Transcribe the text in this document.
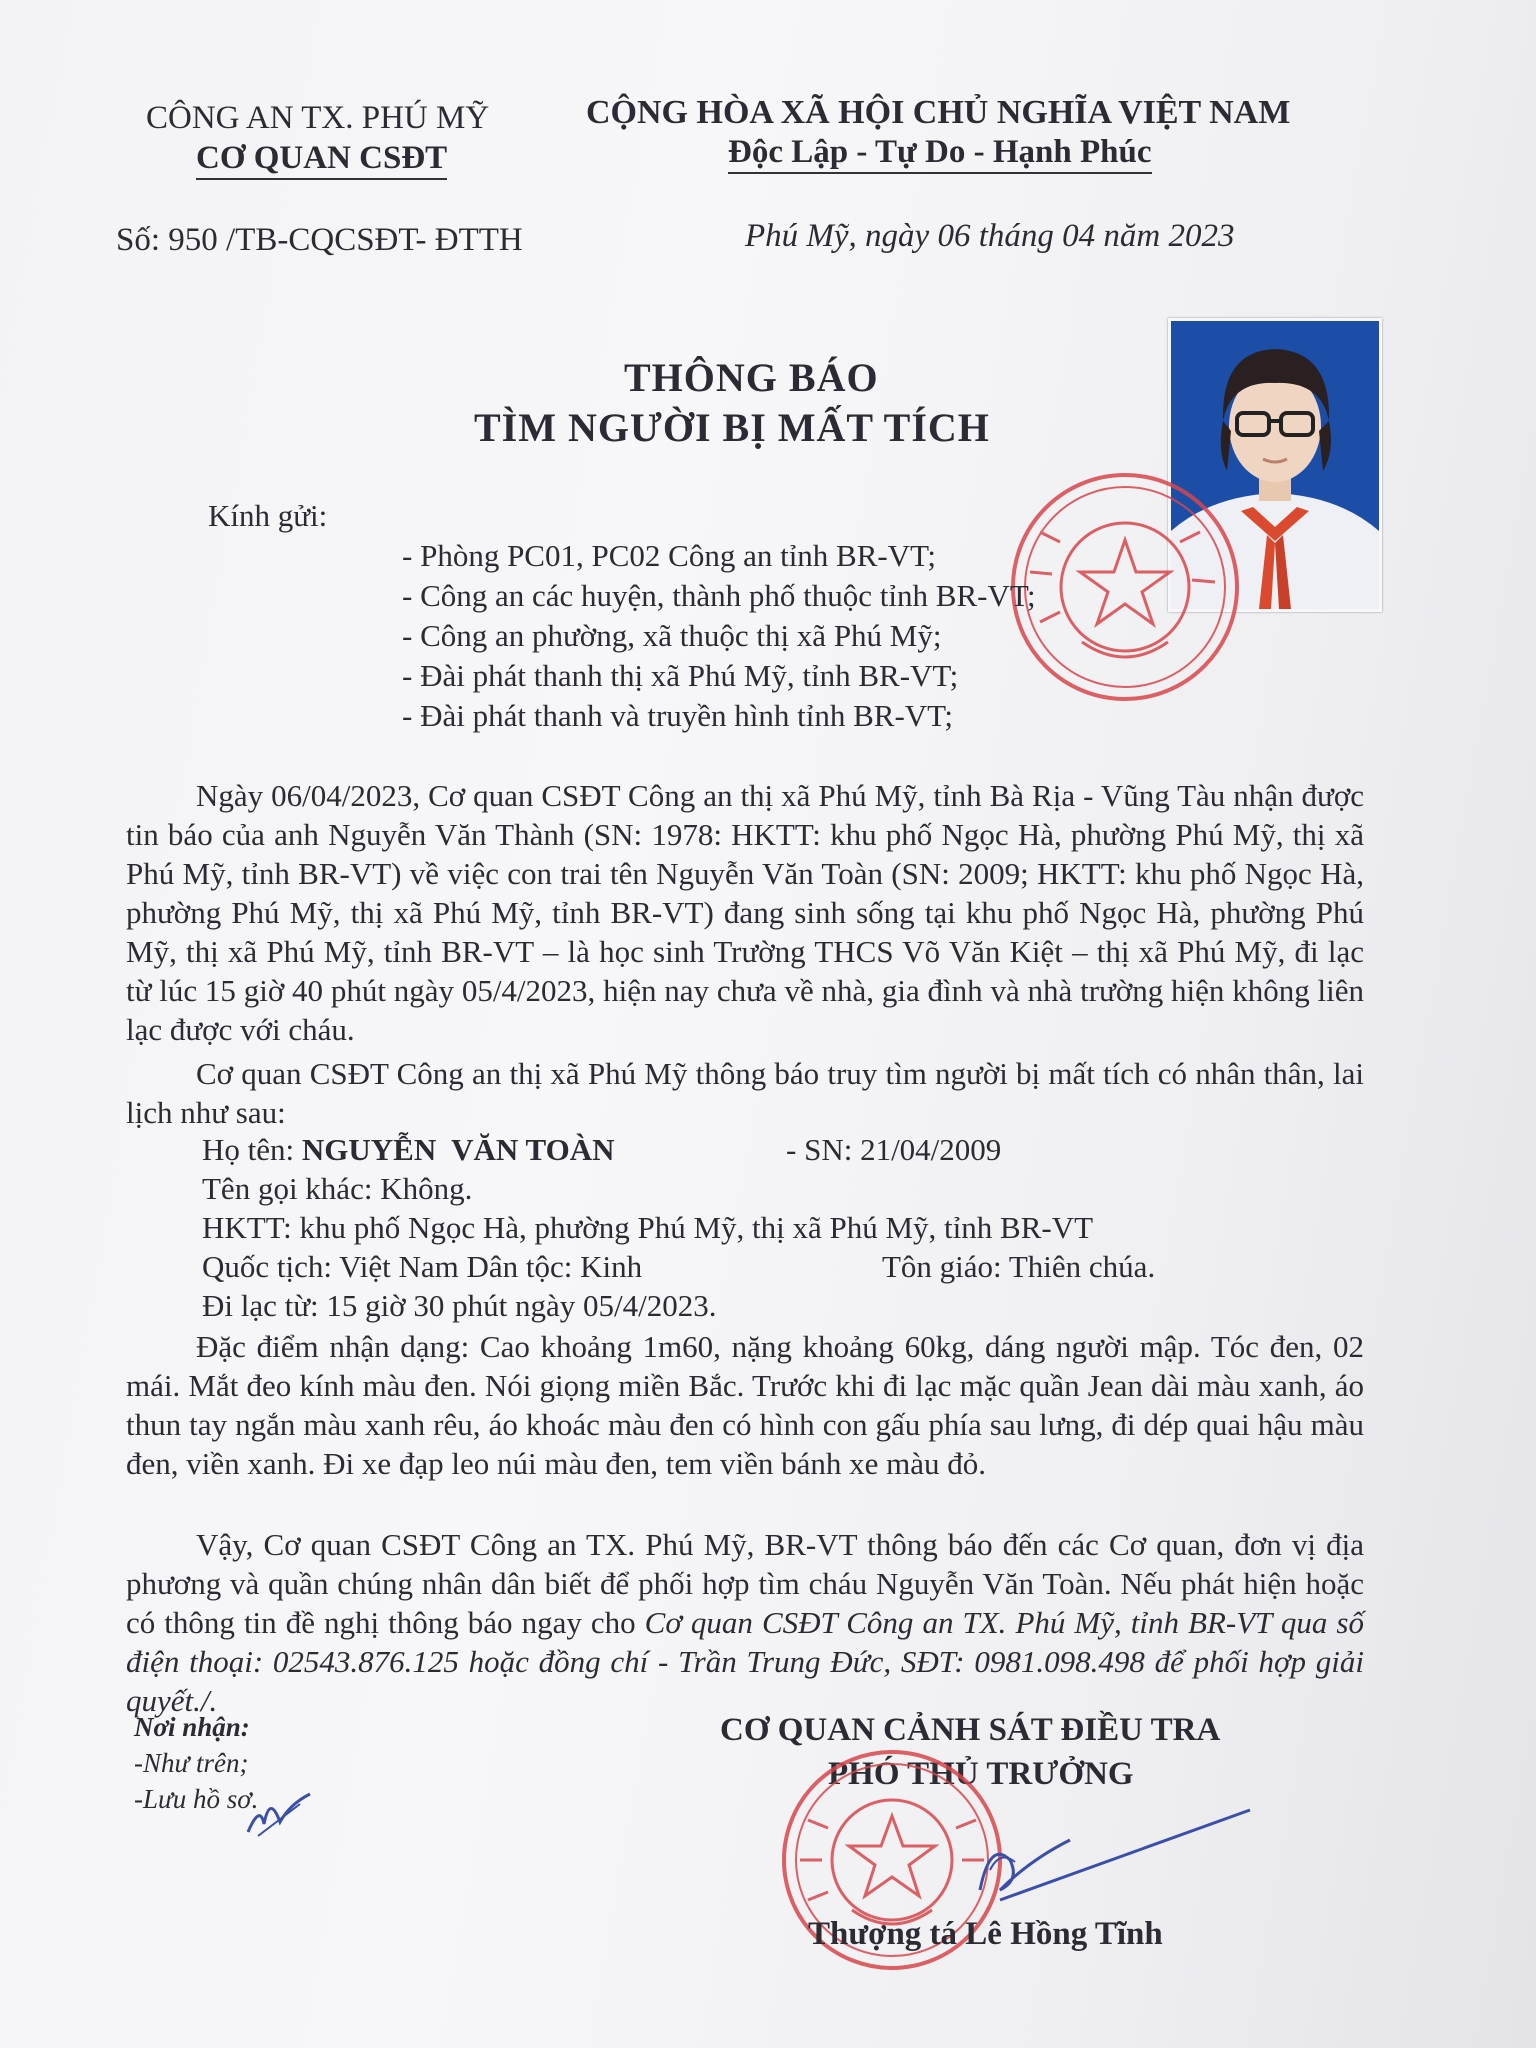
CÔNG AN TX. PHÚ MỸ
CƠ QUAN CSĐT
Số: 950 /TB-CQCSĐT- ĐTTH
CỘNG HÒA XÃ HỘI CHỦ NGHĨA VIỆT NAM
Độc Lập - Tự Do - Hạnh Phúc
Phú Mỹ, ngày 06 tháng 04 năm 2023
THÔNG BÁO
TÌM NGƯỜI BỊ MẤT TÍCH
Kính gửi:
- Phòng PC01, PC02 Công an tỉnh BR-VT;
- Công an các huyện, thành phố thuộc tỉnh BR-VT;
- Công an phường, xã thuộc thị xã Phú Mỹ;
- Đài phát thanh thị xã Phú Mỹ, tỉnh BR-VT;
- Đài phát thanh và truyền hình tỉnh BR-VT;

Ngày 06/04/2023, Cơ quan CSĐT Công an thị xã Phú Mỹ, tỉnh Bà Rịa - Vũng Tàu nhận được tin báo của anh Nguyễn Văn Thành (SN: 1978: HKTT: khu phố Ngọc Hà, phường Phú Mỹ, thị xã Phú Mỹ, tỉnh BR-VT) về việc con trai tên Nguyễn Văn Toàn (SN: 2009; HKTT: khu phố Ngọc Hà, phường Phú Mỹ, thị xã Phú Mỹ, tỉnh BR-VT) đang sinh sống tại khu phố Ngọc Hà, phường Phú Mỹ, thị xã Phú Mỹ, tỉnh BR-VT – là học sinh Trường THCS Võ Văn Kiệt – thị xã Phú Mỹ, đi lạc từ lúc 15 giờ 40 phút ngày 05/4/2023, hiện nay chưa về nhà, gia đình và nhà trường hiện không liên lạc được với cháu.

Cơ quan CSĐT Công an thị xã Phú Mỹ thông báo truy tìm người bị mất tích có nhân thân, lai lịch như sau:

Họ tên: NGUYỄN  VĂN TOÀN	- SN: 21/04/2009
Tên gọi khác: Không.
HKTT: khu phố Ngọc Hà, phường Phú Mỹ, thị xã Phú Mỹ, tỉnh BR-VT
Quốc tịch: Việt Nam Dân tộc: Kinh	Tôn giáo: Thiên chúa.
Đi lạc từ: 15 giờ 30 phút ngày 05/4/2023.

Đặc điểm nhận dạng: Cao khoảng 1m60, nặng khoảng 60kg, dáng người mập. Tóc đen, 02 mái. Mắt đeo kính màu đen. Nói giọng miền Bắc. Trước khi đi lạc mặc quần Jean dài màu xanh, áo thun tay ngắn màu xanh rêu, áo khoác màu đen có hình con gấu phía sau lưng, đi dép quai hậu màu đen, viền xanh. Đi xe đạp leo núi màu đen, tem viền bánh xe màu đỏ.

Vậy, Cơ quan CSĐT Công an TX. Phú Mỹ, BR-VT thông báo đến các Cơ quan, đơn vị địa phương và quần chúng nhân dân biết để phối hợp tìm cháu Nguyễn Văn Toàn. Nếu phát hiện hoặc có thông tin đề nghị thông báo ngay cho Cơ quan CSĐT Công an TX. Phú Mỹ, tỉnh BR-VT qua số điện thoại: 02543.876.125 hoặc đồng chí - Trần Trung Đức, SĐT: 0981.098.498 để phối hợp giải quyết./.

Nơi nhận:
-Như trên;
-Lưu hồ sơ.
CƠ QUAN CẢNH SÁT ĐIỀU TRA
PHÓ THỦ TRƯỞNG
Thượng tá Lê Hồng Tĩnh
